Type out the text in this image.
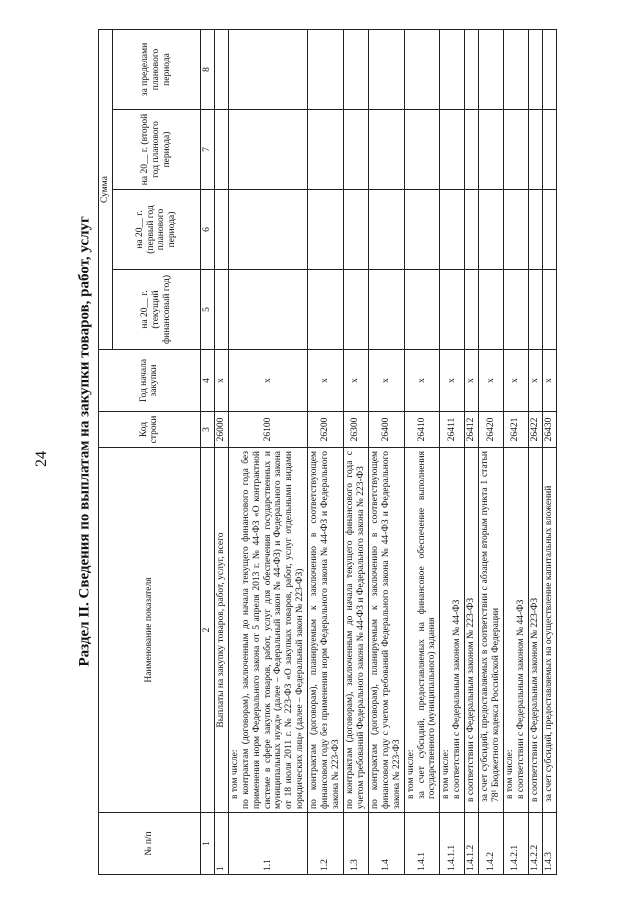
24 Раздел II. Сведения по выплатам на закупки товаров, работ, услуг
№ п/п	Наименование показателя	Код строки	Год начала закупки	Сумма			
				на 20__ г. (текущий финансовый год)	на 20__ г. (первый год планового периода)	на 20__ г. (второй год планового периода)	за пределами планового периода
1	2	3	4	5	6	7	8
1	Выплаты на закупку товаров, работ, услуг, всего	26000	х				
1.1	в том числе: по контрактам (договорам), заключенным до начала текущего финансового года без применения норм Федерального закона от 5 апреля 2013 г. № 44-ФЗ «О контрактной системе в сфере закупок товаров, работ, услуг для обеспечения государственных и муниципальных нужд» (далее – Федеральный закон № 44-ФЗ) и Федерального закона от 18 июля 2011 г. № 223-ФЗ «О закупках товаров, работ, услуг отдельными видами юридических лиц» (далее – Федеральный закон № 223-ФЗ)	26100	х				
1.2	по контрактам (договорам), планируемым к заключению в соответствующем финансовом году без применения норм Федерального закона № 44-ФЗ и Федерального закона № 223-ФЗ	26200	х				
1.3	по контрактам (договорам), заключенным до начала текущего финансового года с учетом требований Федерального закона № 44-ФЗ и Федерального закона № 223-ФЗ	26300	х				
1.4	по контрактам (договорам), планируемым к заключению в соответствующем финансовом году с учетом требований Федерального закона № 44-ФЗ и Федерального закона № 223-ФЗ	26400	х				
1.4.1	в том числе: за счет субсидий, предоставляемых на финансовое обеспечение выполнения государственного (муниципального) задания	26410	х				
1.4.1.1	в том числе: в соответствии с Федеральным законом № 44-ФЗ	26411	х				
1.4.1.2	в соответствии с Федеральным законом № 223-ФЗ	26412	х				
1.4.2	за счет субсидий, предоставляемых в соответствии с абзацем вторым пункта 1 статьи 78¹ Бюджетного кодекса Российской Федерации	26420	х				
1.4.2.1	в том числе: в соответствии с Федеральным законом № 44-ФЗ	26421	х				
1.4.2.2	в соответствии с Федеральным законом № 223-ФЗ	26422	х				
1.4.3	за счет субсидий, предоставляемых на осуществление капитальных вложений	26430	х				
